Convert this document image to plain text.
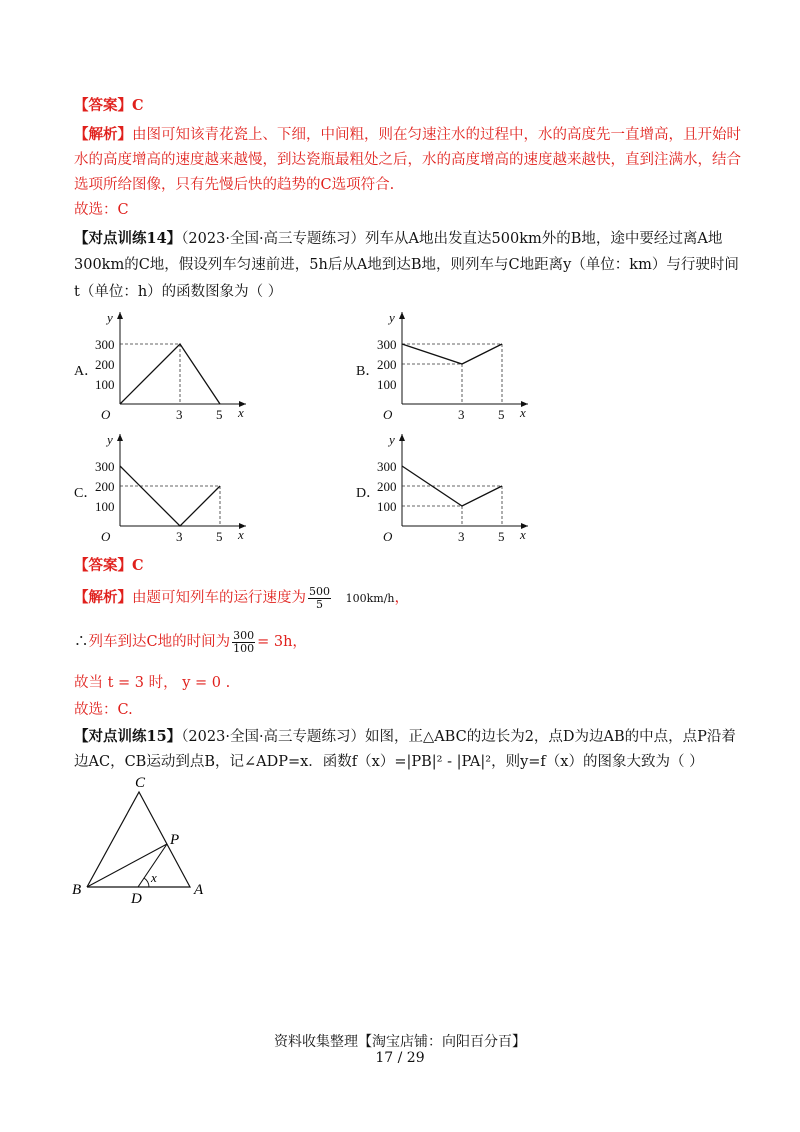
【答案】C
【解析】由图可知该青花瓷上、下细，中间粗，则在匀速注水的过程中，水的高度先一直增高，且开始时
水的高度增高的速度越来越慢，到达瓷瓶最粗处之后，水的高度增高的速度越来越快，直到注满水，结合
选项所给图像，只有先慢后快的趋势的C选项符合.
故选：C
【对点训练14】（2023·全国·高三专题练习）列车从A地出发直达500km外的B地，途中要经过离A地
300km的C地，假设列车匀速前进，5h后从A地到达B地，则列车与C地距离y（单位：km）与行驶时间
t（单位：h）的函数图象为（ ）
A．
x
y
O
100
200
300
3	5
B．
x
y
O
100
200
300
3	5
C．
x
y
O
100
200
300
3	5
D．
x
y
O
100
200
300
3	5
【答案】C
【解析】由题可知列车的运行速度为 $\frac{500}{5} 100km/h$，
∴列车到达C地的时间为 $\frac{300}{100} = 3h$，
故当 t = 3 时， y = 0 .
故选：C.
【对点训练15】（2023·全国·高三专题练习）如图，正△ABC的边长为2，点D为边AB的中点，点P沿着
边AC，CB运动到点B，记∠ADP=x．函数f（x）=|PB|² - |PA|²，则y=f（x）的图象大致为（ ）
C
P
B
D
A
x
资料收集整理【淘宝店铺：向阳百分百】
17 / 29
